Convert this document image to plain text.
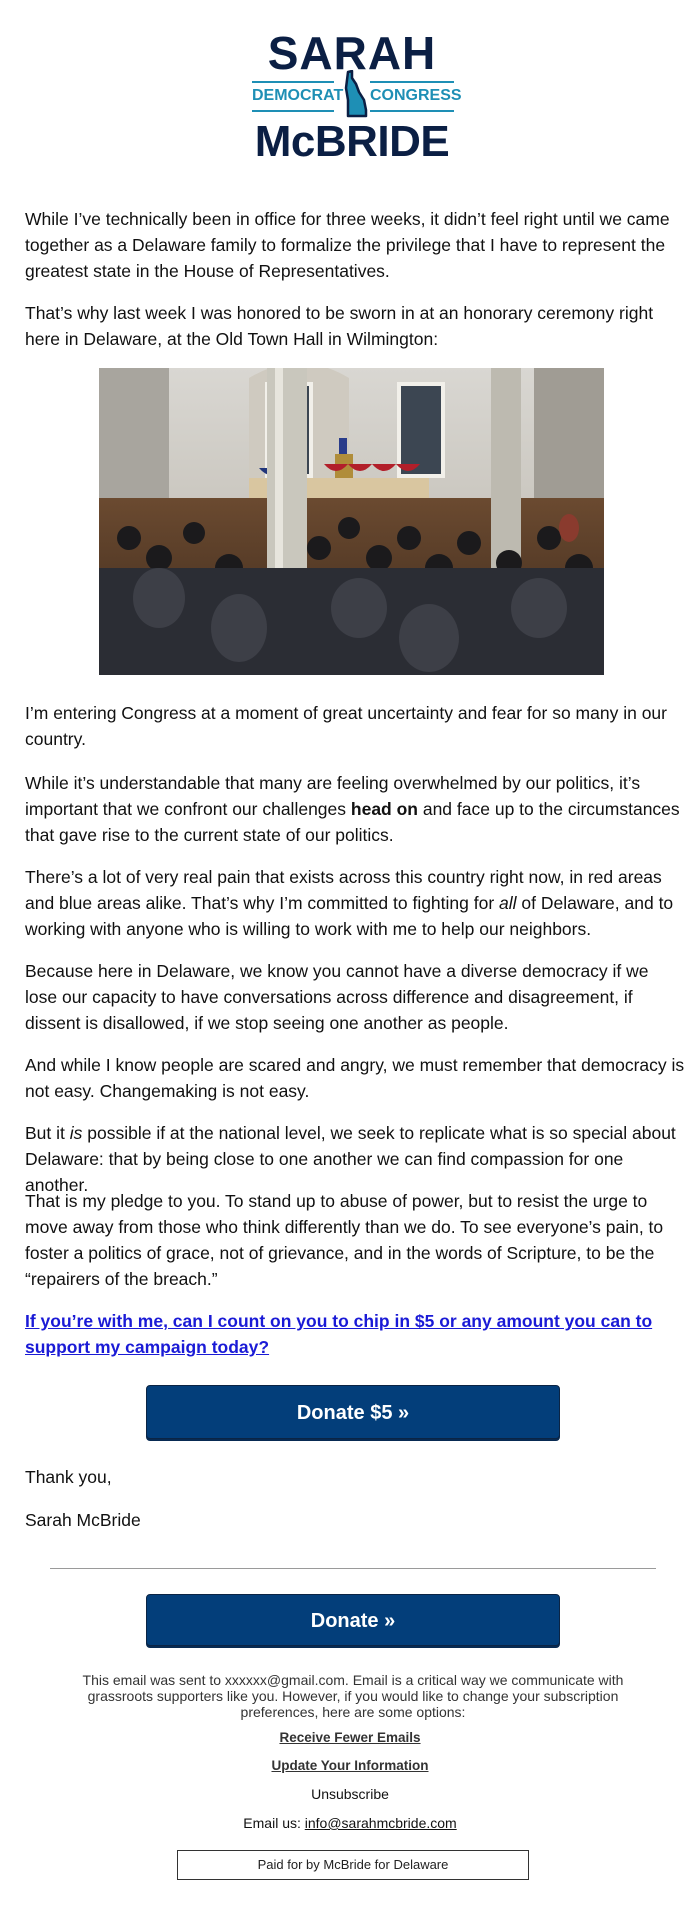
SARAH
DEMOCRAT CONGRESS
McBRIDE

While I’ve technically been in office for three weeks, it didn’t feel right until we came together as a Delaware family to formalize the privilege that I have to represent the greatest state in the House of Representatives.

That’s why last week I was honored to be sworn in at an honorary ceremony right here in Delaware, at the Old Town Hall in Wilmington:

I’m entering Congress at a moment of great uncertainty and fear for so many in our country.

While it’s understandable that many are feeling overwhelmed by our politics, it’s important that we confront our challenges head on and face up to the circumstances that gave rise to the current state of our politics.

There’s a lot of very real pain that exists across this country right now, in red areas and blue areas alike. That’s why I’m committed to fighting for all of Delaware, and to working with anyone who is willing to work with me to help our neighbors.

Because here in Delaware, we know you cannot have a diverse democracy if we lose our capacity to have conversations across difference and disagreement, if dissent is disallowed, if we stop seeing one another as people.

And while I know people are scared and angry, we must remember that democracy is not easy. Changemaking is not easy.

But it is possible if at the national level, we seek to replicate what is so special about Delaware: that by being close to one another we can find compassion for one another.

That is my pledge to you. To stand up to abuse of power, but to resist the urge to move away from those who think differently than we do. To see everyone’s pain, to foster a politics of grace, not of grievance, and in the words of Scripture, to be the “repairers of the breach.”

If you’re with me, can I count on you to chip in $5 or any amount you can to support my campaign today?
Donate $5 »
Thank you,
Sarah McBride
Donate »
This email was sent to xxxxxx@gmail.com. Email is a critical way we communicate with grassroots supporters like you. However, if you would like to change your subscription preferences, here are some options:
Receive Fewer Emails
Update Your Information
Unsubscribe
Email us: info@sarahmcbride.com
Paid for by McBride for Delaware
